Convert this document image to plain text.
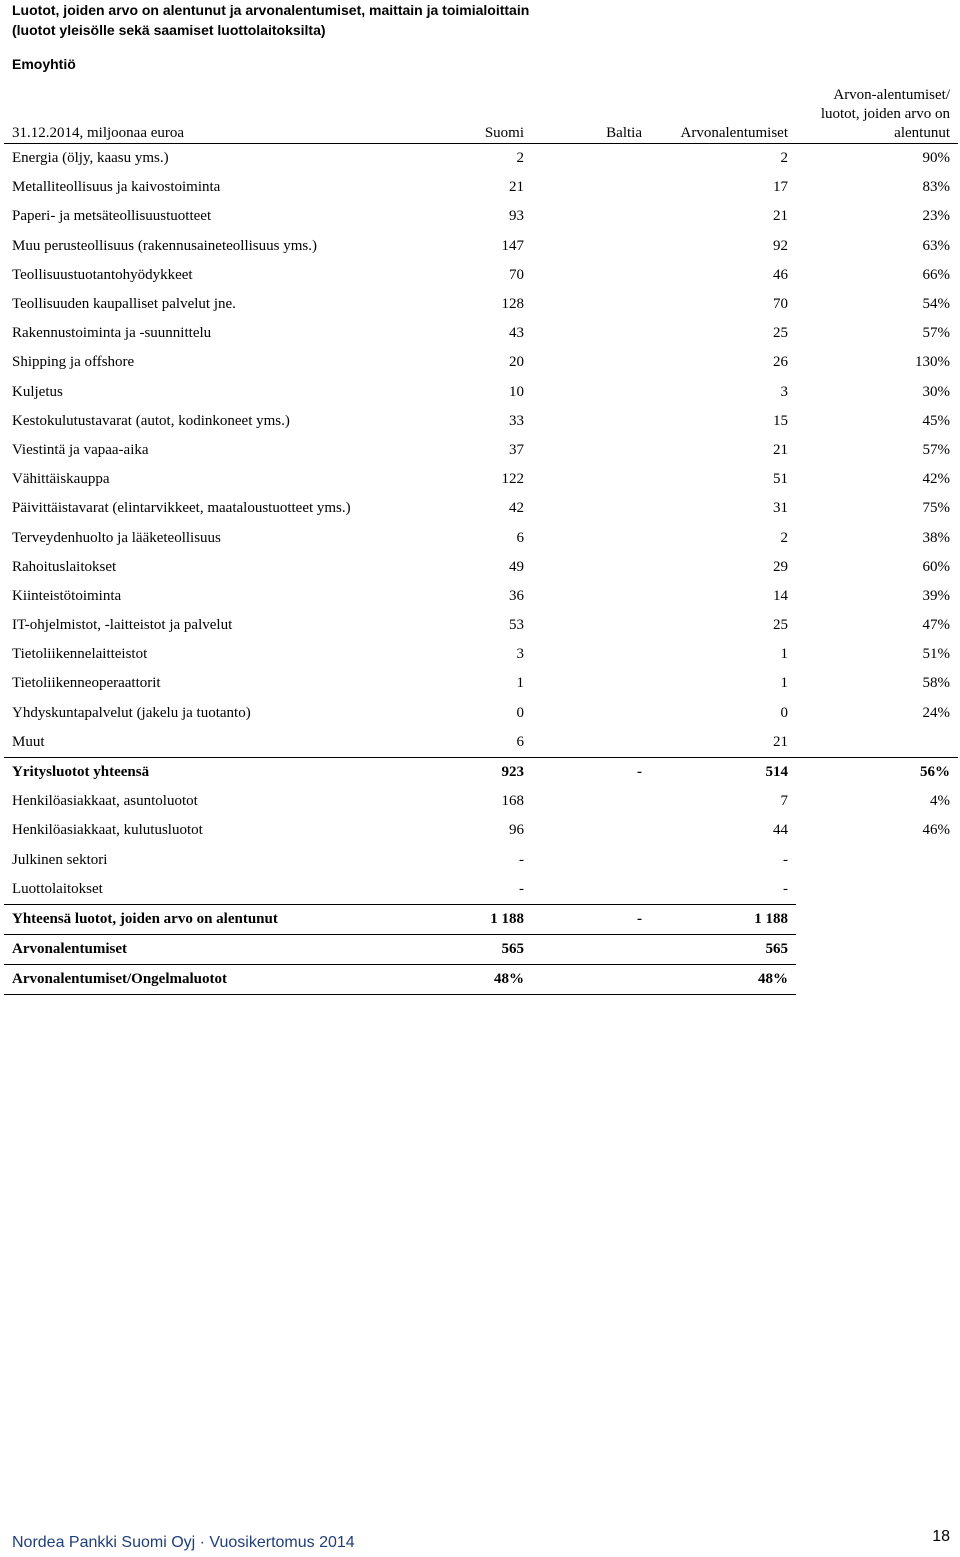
Luotot, joiden arvo on alentunut ja arvonalentumiset, maittain ja toimialoittain
(luotot yleisölle sekä saamiset luottolaitoksilta)
Emoyhtiö
31.12.2014, miljoonaa euroa	Suomi	Baltia	Arvonalentumiset	Arvon-alentumiset/
luotot, joiden arvo on
alentunut

Energia (öljy, kaasu yms.)	2		2	90%
Metalliteollisuus ja kaivostoiminta	21		17	83%
Paperi- ja metsäteollisuustuotteet	93		21	23%
Muu perusteollisuus (rakennusaineteollisuus yms.)	147		92	63%
Teollisuustuotantohyödykkeet	70		46	66%
Teollisuuden kaupalliset palvelut jne.	128		70	54%
Rakennustoiminta ja -suunnittelu	43		25	57%
Shipping ja offshore	20		26	130%
Kuljetus	10		3	30%
Kestokulutustavarat (autot, kodinkoneet yms.)	33		15	45%
Viestintä ja vapaa-aika	37		21	57%
Vähittäiskauppa	122		51	42%
Päivittäistavarat (elintarvikkeet, maataloustuotteet yms.)	42		31	75%
Terveydenhuolto ja lääketeollisuus	6		2	38%
Rahoituslaitokset	49		29	60%
Kiinteistötoiminta	36		14	39%
IT-ohjelmistot, -laitteistot ja palvelut	53		25	47%
Tietoliikennelaitteistot	3		1	51%
Tietoliikenneoperaattorit	1		1	58%
Yhdyskuntapalvelut (jakelu ja tuotanto)	0		0	24%
Muut	6		21	
Yritysluotot yhteensä	923	-	514	56%
Henkilöasiakkaat, asuntoluotot	168		7	4%
Henkilöasiakkaat, kulutusluotot	96		44	46%
Julkinen sektori	-		-	
Luottolaitokset	-		-	
Yhteensä luotot, joiden arvo on alentunut	1 188	-	1 188	
Arvonalentumiset	565		565	
Arvonalentumiset/Ongelmaluotot	48%		48%	
Nordea Pankki Suomi Oyj · Vuosikertomus 2014	18
